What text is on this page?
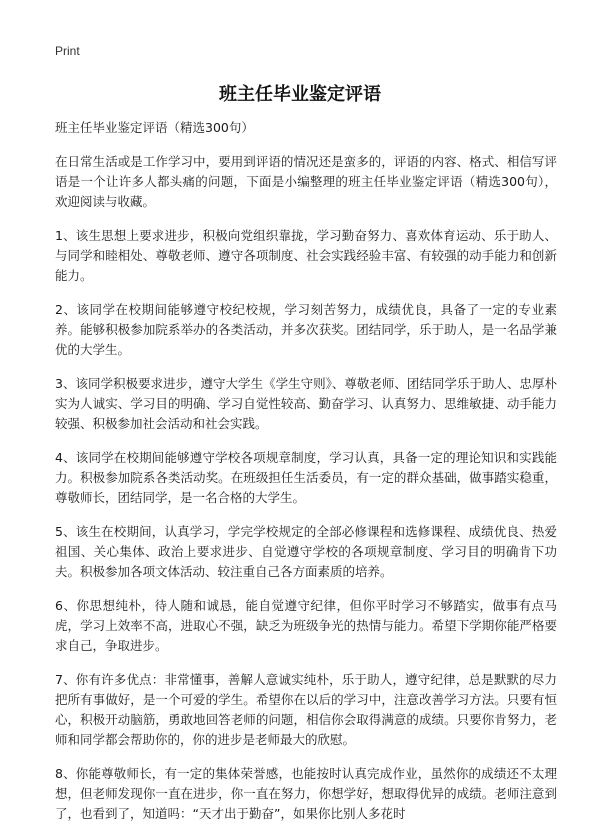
Print
班主任毕业鉴定评语

班主任毕业鉴定评语（精选300句）

在日常生活或是工作学习中，要用到评语的情况还是蛮多的，评语的内容、格式、相信写评语是一个让许多人都头痛的问题，下面是小编整理的班主任毕业鉴定评语（精选300句），欢迎阅读与收藏。

1、该生思想上要求进步，积极向党组织靠拢，学习勤奋努力、喜欢体育运动、乐于助人、与同学和睦相处、尊敬老师、遵守各项制度、社会实践经验丰富、有较强的动手能力和创新能力。

2、该同学在校期间能够遵守校纪校规，学习刻苦努力，成绩优良，具备了一定的专业素养。能够积极参加院系举办的各类活动，并多次获奖。团结同学，乐于助人，是一名品学兼优的大学生。

3、该同学积极要求进步，遵守大学生《学生守则》、尊敬老师、团结同学乐于助人、忠厚朴实为人诚实、学习目的明确、学习自觉性较高、勤奋学习、认真努力、思维敏捷、动手能力较强、积极参加社会活动和社会实践。

4、该同学在校期间能够遵守学校各项规章制度，学习认真，具备一定的理论知识和实践能力。积极参加院系各类活动奖。在班级担任生活委员，有一定的群众基础，做事踏实稳重，尊敬师长，团结同学，是一名合格的大学生。

5、该生在校期间，认真学习，学完学校规定的全部必修课程和选修课程、成绩优良、热爱祖国、关心集体、政治上要求进步、自觉遵守学校的各项规章制度、学习目的明确肯下功夫。积极参加各项文体活动、较注重自己各方面素质的培养。

6、你思想纯朴，待人随和诚恳，能自觉遵守纪律，但你平时学习不够踏实，做事有点马虎，学习上效率不高，进取心不强，缺乏为班级争光的热情与能力。希望下学期你能严格要求自己，争取进步。

7、你有许多优点：非常懂事，善解人意诚实纯朴，乐于助人，遵守纪律，总是默默的尽力把所有事做好，是一个可爱的学生。希望你在以后的学习中，注意改善学习方法。只要有恒心，积极开动脑筋，勇敢地回答老师的问题，相信你会取得满意的成绩。只要你肯努力，老师和同学都会帮助你的，你的进步是老师最大的欣慰。

8、你能尊敬师长，有一定的集体荣誉感，也能按时认真完成作业，虽然你的成绩还不太理想，但老师发现你一直在进步，你一直在努力，你想学好，想取得优异的成绩。老师注意到了，也看到了，知道吗：“天才出于勤奋”，如果你比别人多花时
